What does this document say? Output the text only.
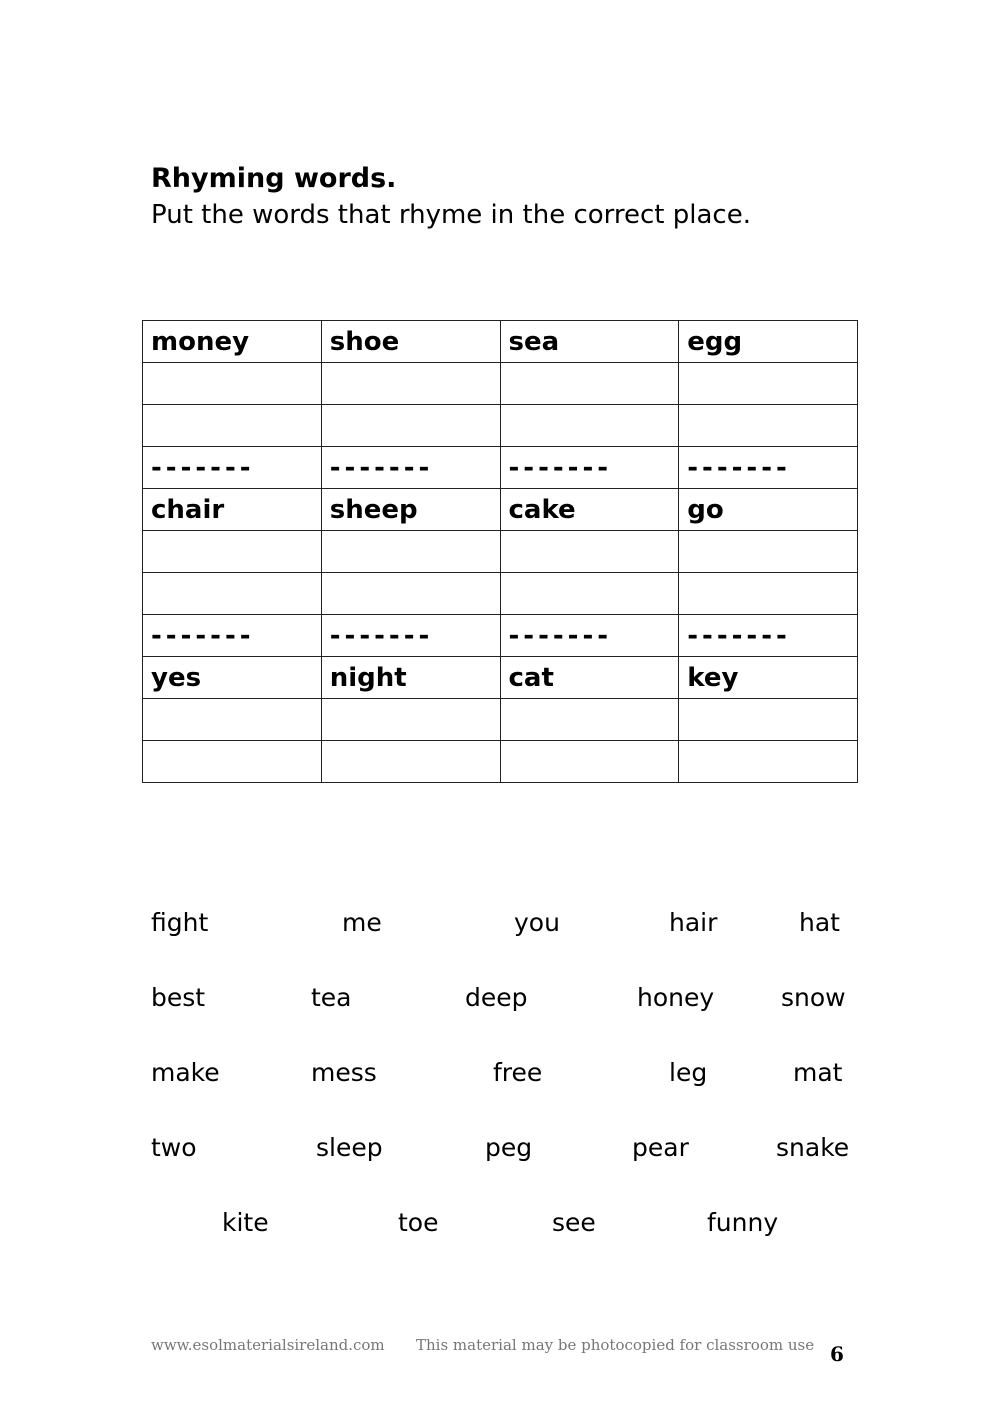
Rhyming words.
Put the words that rhyme in the correct place.
money	shoe	sea	egg

-------	-------	-------	-------
chair	sheep	cake	go

-------	-------	-------	-------
yes	night	cat	key

fight	me	you	hair	hat
best	tea	deep	honey	snow
make	mess	free	leg	mat
two	sleep	peg	pear	snake
kite	toe	see	funny
www.esolmaterialsireland.com This material may be photocopied for classroom use 6
